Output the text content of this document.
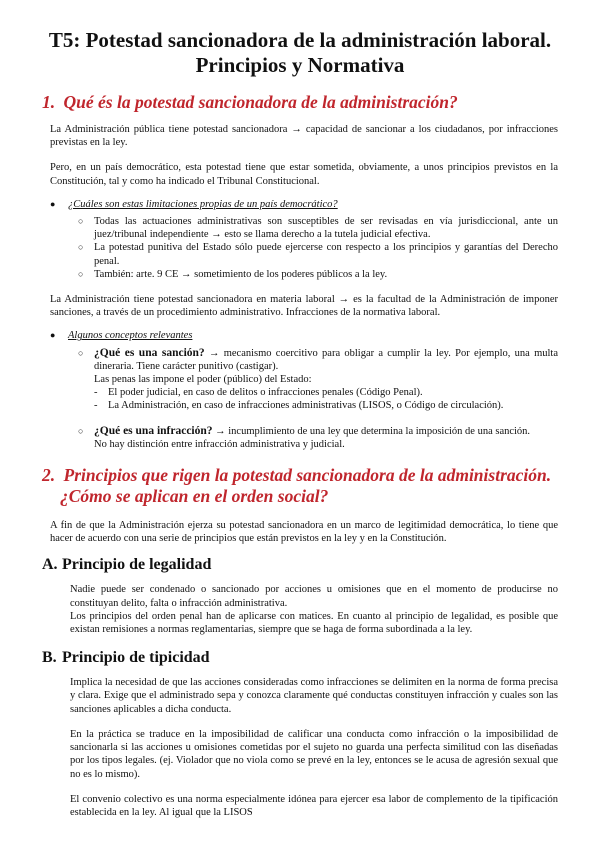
T5: Potestad sancionadora de la administración laboral.
Principios y Normativa
1. Qué és la potestad sancionadora de la administración?

La Administración pública tiene potestad sancionadora → capacidad de sancionar a los ciudadanos, por infracciones previstas en la ley.

Pero, en un país democrático, esta potestad tiene que estar sometida, obviamente, a unos principios previstos en la Constitución, tal y como ha indicado el Tribunal Constitucional.

●	¿Cuáles son estas limitaciones propias de un país democrático?
○	Todas las actuaciones administrativas son susceptibles de ser revisadas en vía jurisdiccional, ante un juez/tribunal independiente → esto se llama derecho a la tutela judicial efectiva.
○	La potestad punitiva del Estado sólo puede ejercerse con respecto a los principios y garantías del Derecho penal.
○	También: arte. 9 CE → sometimiento de los poderes públicos a la ley.

La Administración tiene potestad sancionadora en materia laboral → es la facultad de la Administración de imponer sanciones, a través de un procedimiento administrativo. Infracciones de la normativa laboral.

●	Algunos conceptos relevantes
○ ¿Qué es una sanción? → mecanismo coercitivo para obligar a cumplir la ley. Por ejemplo, una multa dineraria. Tiene carácter punitivo (castigar).
Las penas las impone el poder (público) del Estado:
-	El poder judicial, en caso de delitos o infracciones penales (Código Penal).
-	La Administración, en caso de infracciones administrativas (LISOS, o Código de circulación).
○ ¿Qué es una infracción? → incumplimiento de una ley que determina la imposición de una sanción.
No hay distinción entre infracción administrativa y judicial.
2. Principios que rigen la potestad sancionadora de la administración.
¿Cómo se aplican en el orden social?

A fin de que la Administración ejerza su potestad sancionadora en un marco de legitimidad democrática, lo tiene que hacer de acuerdo con una serie de principios que están previstos en la ley y en la Constitución.

A. Principio de legalidad

Nadie puede ser condenado o sancionado por acciones u omisiones que en el momento de producirse no constituyan delito, falta o infracción administrativa.

Los principios del orden penal han de aplicarse con matices. En cuanto al principio de legalidad, es posible que existan remisiones a normas reglamentarias, siempre que se haga de forma subordinada a la ley.

B. Principio de tipicidad

Implica la necesidad de que las acciones consideradas como infracciones se delimiten en la norma de forma precisa y clara. Exige que el administrado sepa y conozca claramente qué conductas constituyen infracción y cuales son las sanciones aplicables a dicha conducta.

En la práctica se traduce en la imposibilidad de calificar una conducta como infracción o la imposibilidad de sancionarla si las acciones u omisiones cometidas por el sujeto no guarda una perfecta similitud con las diseñadas por los tipos legales. (ej. Violador que no viola como se prevé en la ley, entonces se le acusa de agresión sexual que no es lo mismo).

El convenio colectivo es una norma especialmente idónea para ejercer esa labor de complemento de la tipificación establecida en la ley. Al igual que la LISOS
